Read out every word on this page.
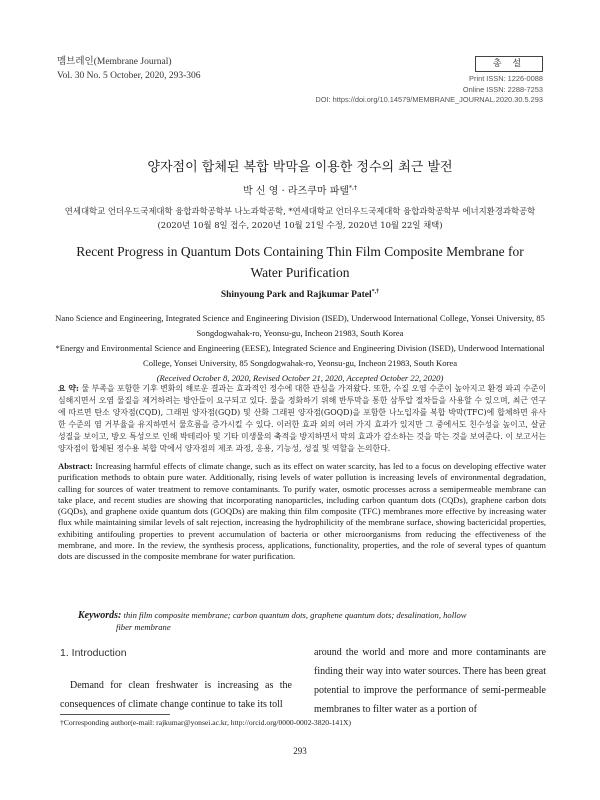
멤브레인(Membrane Journal)
Vol. 30 No. 5 October, 2020, 293-306
총 설
Print ISSN: 1226-0088
Online ISSN: 2288-7253
DOI: https://doi.org/10.14579/MEMBRANE_JOURNAL.2020.30.5.293
양자점이 합체된 복합 박막을 이용한 정수의 최근 발전
박 신 영 · 라즈쿠마 파텔*,†
연세대학교 언더우드국제대학 융합과학공학부 나노과학공학, *연세대학교 언더우드국제대학 융합과학공학부 에너지환경과학공학
(2020년 10월 8일 접수, 2020년 10월 21일 수정, 2020년 10월 22일 채택)
Recent Progress in Quantum Dots Containing Thin Film Composite Membrane for Water Purification
Shinyoung Park and Rajkumar Patel*,†
Nano Science and Engineering, Integrated Science and Engineering Division (ISED), Underwood International College, Yonsei University, 85 Songdogwahak-ro, Yeonsu-gu, Incheon 21983, South Korea
*Energy and Environmental Science and Engineering (EESE), Integrated Science and Engineering Division (ISED), Underwood International College, Yonsei University, 85 Songdogwahak-ro, Yeonsu-gu, Incheon 21983, South Korea
(Received October 8, 2020, Revised October 21, 2020, Accepted October 22, 2020)
요 약: 물 부족을 포함한 기후 변화의 해로운 결과는 효과적인 정수에 대한 관심을 가져왔다. 또한, 수질 오염 수준이 높아지고 환경 파괴 수준이 심해지면서 오염 물질을 제거하려는 방안들이 요구되고 있다. 물을 정화하기 위해 반투막을 통한 삼투압 절차들을 사용할 수 있으며, 최근 연구에 따르면 탄소 양자점(CQD), 그래핀 양자점(GQD) 및 산화 그래핀 양자점(GOQD)을 포함한 나노입자를 복합 박막(TFC)에 합체하면 유사한 수준의 염 거부율을 유지하면서 물흐름을 증가시킬 수 있다. 이러한 효과 외의 여러 가지 효과가 있지만 그 중에서도 친수성을 높이고, 살균 성질을 보이고, 방오 특성으로 인해 박테리아 및 기타 미생물의 축적을 방지하면서 막의 효과가 감소하는 것을 막는 것을 보여준다. 이 보고서는 양자점이 합체된 정수용 복합 막에서 양자점의 제조 과정, 응용, 기능성, 성질 및 역할을 논의한다.
Abstract: Increasing harmful effects of climate change, such as its effect on water scarcity, has led to a focus on developing effective water purification methods to obtain pure water. Additionally, rising levels of water pollution is increasing levels of environmental degradation, calling for sources of water treatment to remove contaminants. To purify water, osmotic processes across a semipermeable membrane can take place, and recent studies are showing that incorporating nanoparticles, including carbon quantum dots (CQDs), graphene carbon dots (GQDs), and graphene oxide quantum dots (GOQDs) are making thin film composite (TFC) membranes more effective by increasing water flux while maintaining similar levels of salt rejection, increasing the hydrophilicity of the membrane surface, showing bactericidal properties, exhibiting antifouling properties to prevent accumulation of bacteria or other microorganisms from reducing the effectiveness of the membrane, and more. In the review, the synthesis process, applications, functionality, properties, and the role of several types of quantum dots are discussed in the composite membrane for water purification.
Keywords: thin film composite membrane; carbon quantum dots, graphene quantum dots; desalination, hollow
fiber membrane
1. Introduction
Demand for clean freshwater is increasing as the consequences of climate change continue to take its toll
around the world and more and more contaminants are finding their way into water sources. There has been great potential to improve the performance of semi-permeable membranes to filter water as a portion of
†Corresponding author(e-mail: rajkumar@yonsei.ac.kr, http://orcid.org/0000-0002-3820-141X)
293
